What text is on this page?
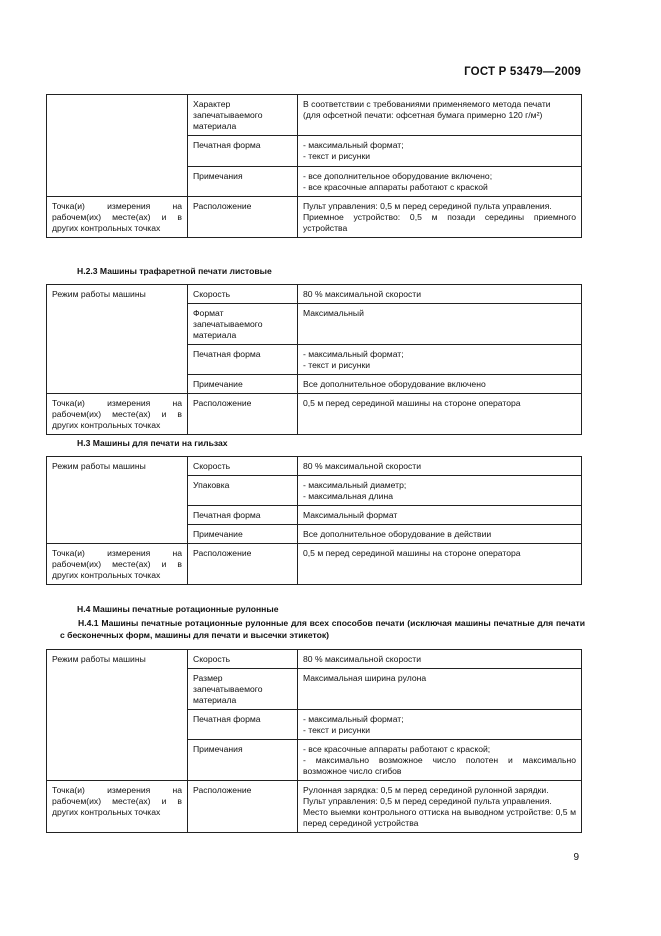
ГОСТ Р 53479—2009
	Характер запечатываемого материала	В соответствии с требованиями применяемого метода печати
(для офсетной печати: офсетная бумага примерно 120 г/м²)

	Печатная форма	- максимальный формат;
- текст и рисунки

	Примечания	- все дополнительное оборудование включено;
- все красочные аппараты работают с краской

Точка(и) измерения на рабочем(их) месте(ах) и в других контрольных точках	Расположение	Пульт управления: 0,5 м перед серединой пульта управления.
Приемное устройство: 0,5 м позади середины приемного устройства
Н.2.3 Машины трафаретной печати листовые
Режим работы машины	Скорость	80 % максимальной скорости
	Формат запечатываемого материала	Максимальный
	Печатная форма	- максимальный формат;
- текст и рисунки

	Примечание	Все дополнительное оборудование включено
Точка(и) измерения на рабочем(их) месте(ах) и в других контрольных точках	Расположение	0,5 м перед серединой машины на стороне оператора
Н.3 Машины для печати на гильзах
Режим работы машины	Скорость	80 % максимальной скорости
	Упаковка	- максимальный диаметр;
- максимальная длина

	Печатная форма	Максимальный формат
	Примечание	Все дополнительное оборудование в действии
Точка(и) измерения на рабочем(их) месте(ах) и в других контрольных точках	Расположение	0,5 м перед серединой машины на стороне оператора
Н.4 Машины печатные ротационные рулонные
Н.4.1 Машины печатные ротационные рулонные для всех способов печати (исключая машины печатные для печати с бесконечных форм, машины для печати и высечки этикеток)
Режим работы машины	Скорость	80 % максимальной скорости
	Размер запечатываемого материала	Максимальная ширина рулона
	Печатная форма	- максимальный формат;
- текст и рисунки

	Примечания	- все красочные аппараты работают с краской;
- максимально возможное число полотен и максимально возможное число сгибов

Точка(и) измерения на рабочем(их) месте(ах) и в других контрольных точках	Расположение	Рулонная зарядка: 0,5 м перед серединой рулонной зарядки.
Пульт управления: 0,5 м перед серединой пульта управления.
Место выемки контрольного оттиска на выводном устройстве: 0,5 м перед серединой устройства
9
